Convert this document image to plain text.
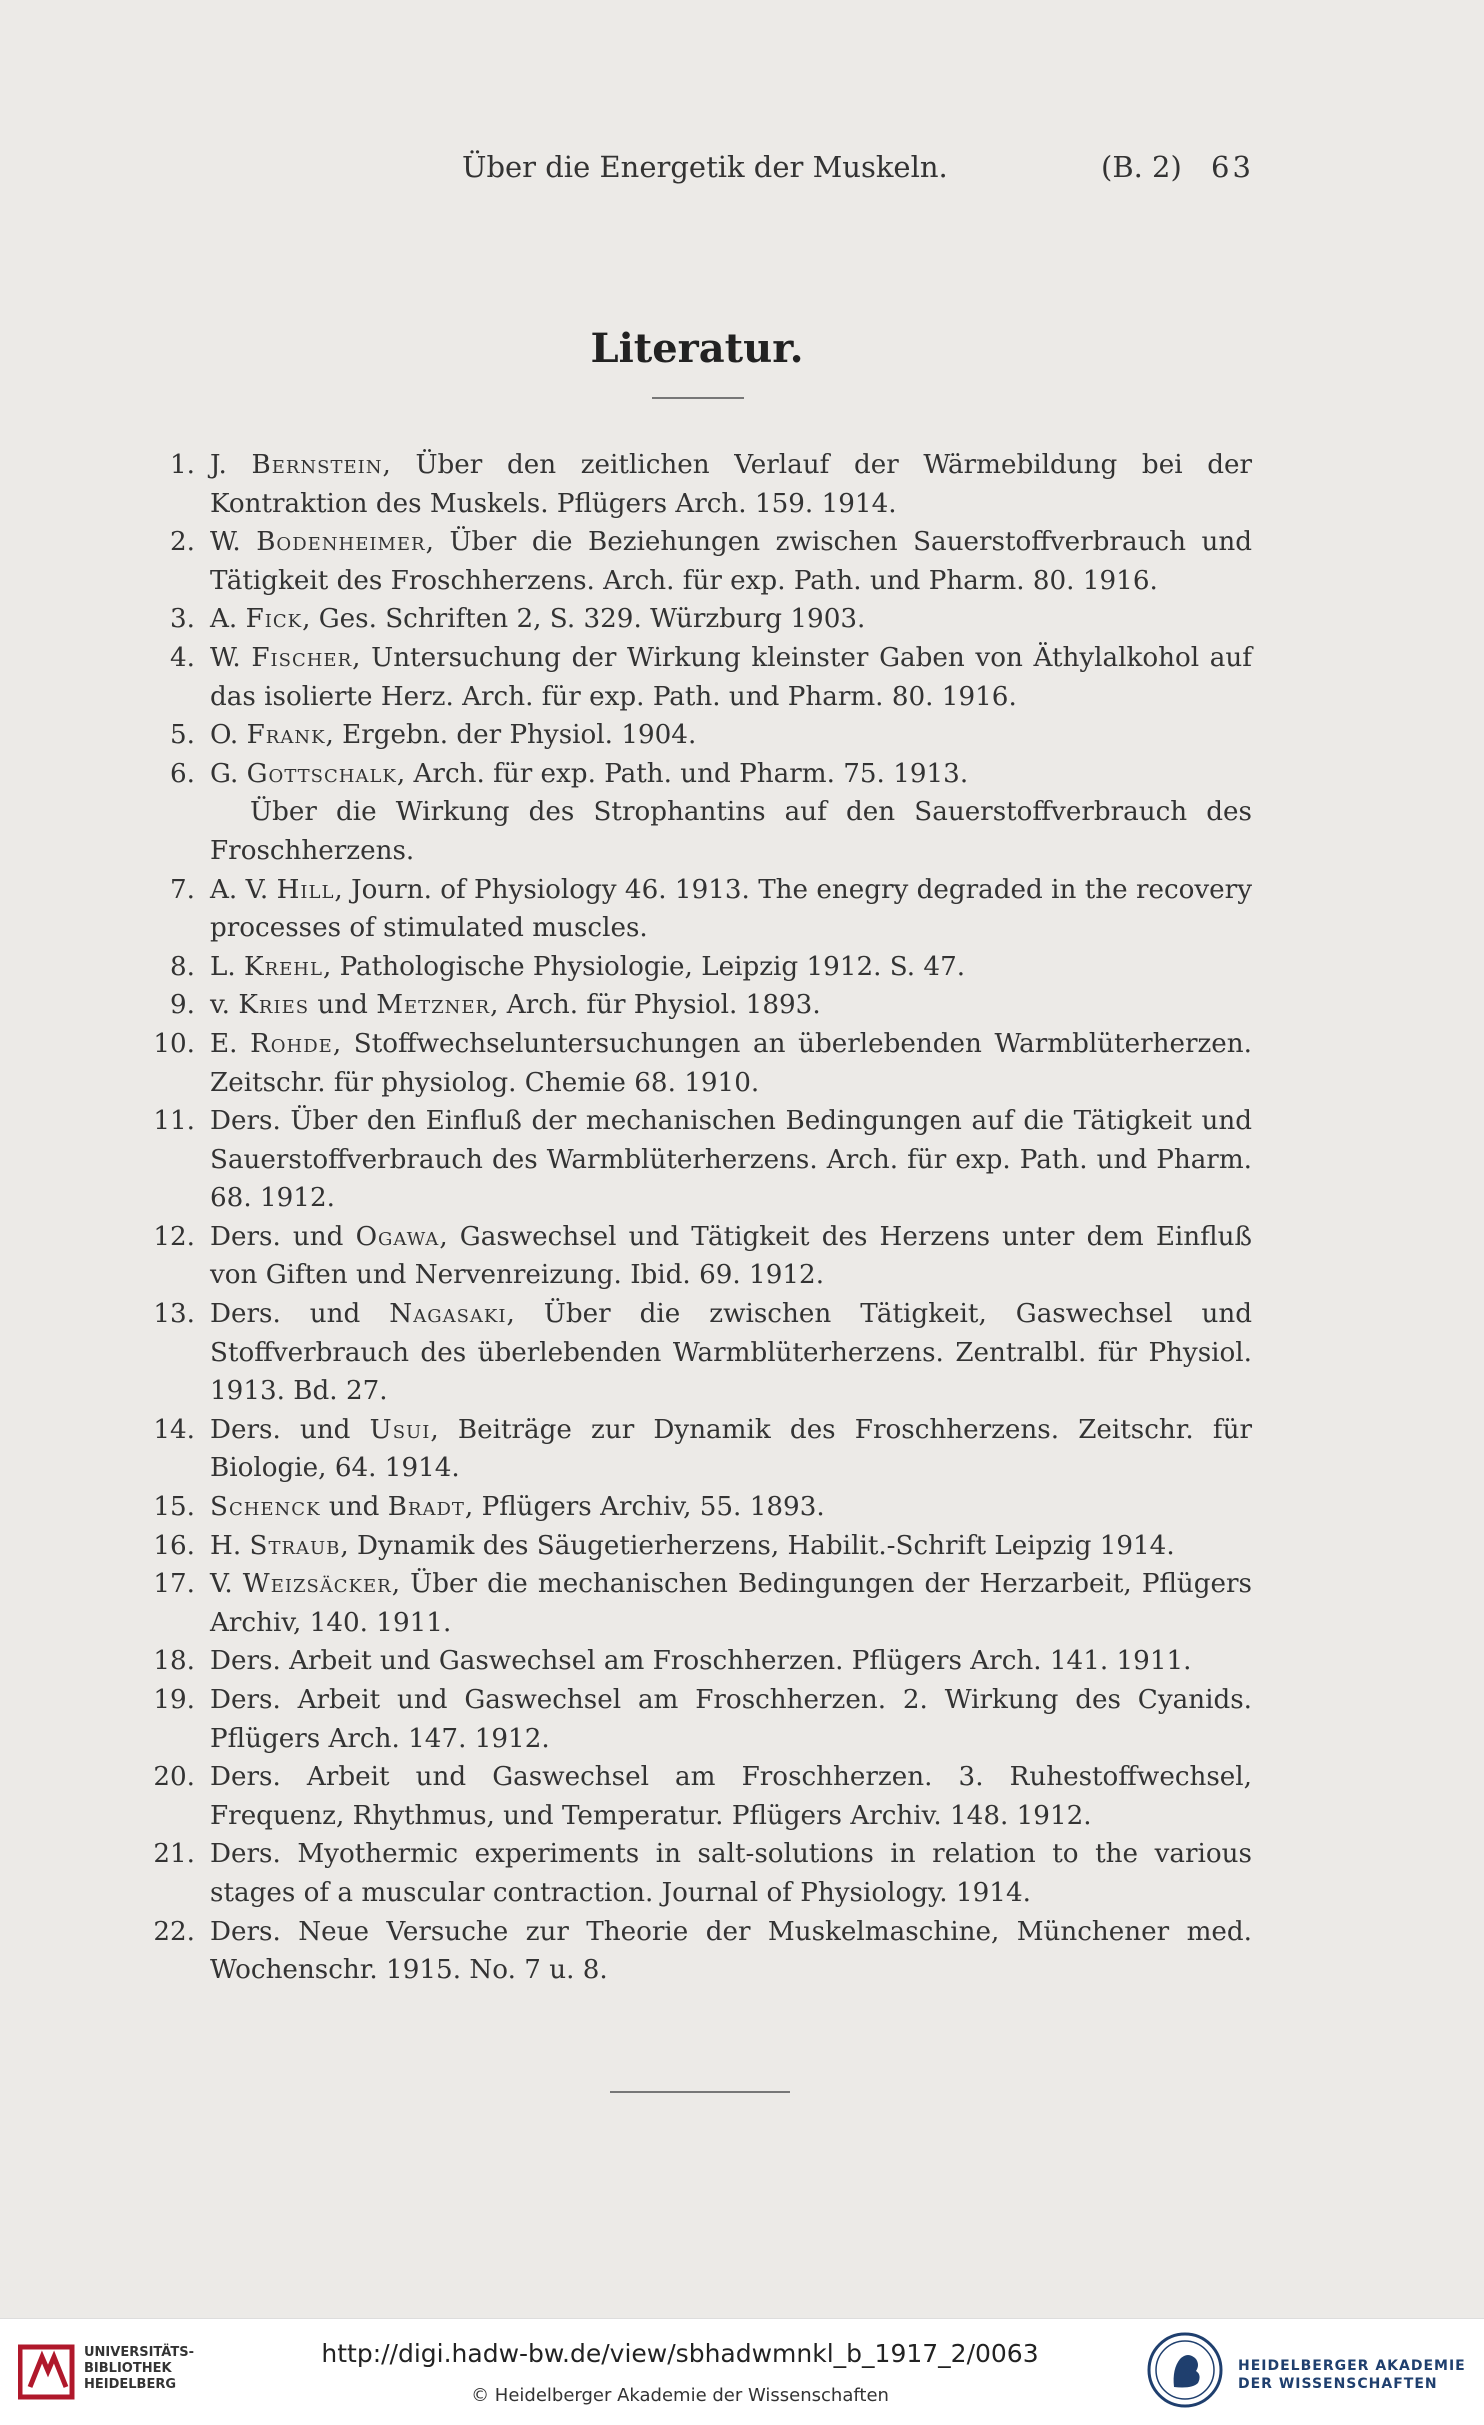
Über die Energetik der Muskeln.	(B. 2) 63
Literatur.
1. J. Bernstein, Über den zeitlichen Verlauf der Wärmebildung bei der Kontraktion des Muskels. Pflügers Arch. 159. 1914.
2. W. Bodenheimer, Über die Beziehungen zwischen Sauerstoffverbrauch und Tätigkeit des Froschherzens. Arch. für exp. Path. und Pharm. 80. 1916.
3. A. Fick, Ges. Schriften 2, S. 329. Würzburg 1903.
4. W. Fischer, Untersuchung der Wirkung kleinster Gaben von Äthylalkohol auf das isolierte Herz. Arch. für exp. Path. und Pharm. 80. 1916.
5. O. Frank, Ergebn. der Physiol. 1904.
6. G. Gottschalk, Arch. für exp. Path. und Pharm. 75. 1913.
Über die Wirkung des Strophantins auf den Sauerstoffverbrauch des Froschherzens.
7. A. V. Hill, Journ. of Physiology 46. 1913. The enegry degraded in the recovery processes of stimulated muscles.
8. L. Krehl, Pathologische Physiologie, Leipzig 1912. S. 47.
9. v. Kries und Metzner, Arch. für Physiol. 1893.
10. E. Rohde, Stoffwechseluntersuchungen an überlebenden Warmblüterherzen. Zeitschr. für physiolog. Chemie 68. 1910.
11. Ders. Über den Einfluß der mechanischen Bedingungen auf die Tätigkeit und Sauerstoffverbrauch des Warmblüterherzens. Arch. für exp. Path. und Pharm. 68. 1912.
12. Ders. und Ogawa, Gaswechsel und Tätigkeit des Herzens unter dem Einfluß von Giften und Nervenreizung. Ibid. 69. 1912.
13. Ders. und Nagasaki, Über die zwischen Tätigkeit, Gaswechsel und Stoffverbrauch des überlebenden Warmblüterherzens. Zentralbl. für Physiol. 1913. Bd. 27.
14. Ders. und Usui, Beiträge zur Dynamik des Froschherzens. Zeitschr. für Biologie, 64. 1914.
15. Schenck und Bradt, Pflügers Archiv, 55. 1893.
16. H. Straub, Dynamik des Säugetierherzens, Habilit.-Schrift Leipzig 1914.
17. V. Weizsäcker, Über die mechanischen Bedingungen der Herzarbeit, Pflügers Archiv, 140. 1911.
18. Ders. Arbeit und Gaswechsel am Froschherzen. Pflügers Arch. 141. 1911.
19. Ders. Arbeit und Gaswechsel am Froschherzen. 2. Wirkung des Cyanids. Pflügers Arch. 147. 1912.
20. Ders. Arbeit und Gaswechsel am Froschherzen. 3. Ruhestoffwechsel, Frequenz, Rhythmus, und Temperatur. Pflügers Archiv. 148. 1912.
21. Ders. Myothermic experiments in salt-solutions in relation to the various stages of a muscular contraction. Journal of Physiology. 1914.
22. Ders. Neue Versuche zur Theorie der Muskelmaschine, Münchener med. Wochenschr. 1915. No. 7 u. 8.
UNIVERSITÄTS-
BIBLIOTHEK
HEIDELBERG
http://digi.hadw-bw.de/view/sbhadwmnkl_b_1917_2/0063
© Heidelberger Akademie der Wissenschaften
HEIDELBERGER AKADEMIE
DER WISSENSCHAFTEN
